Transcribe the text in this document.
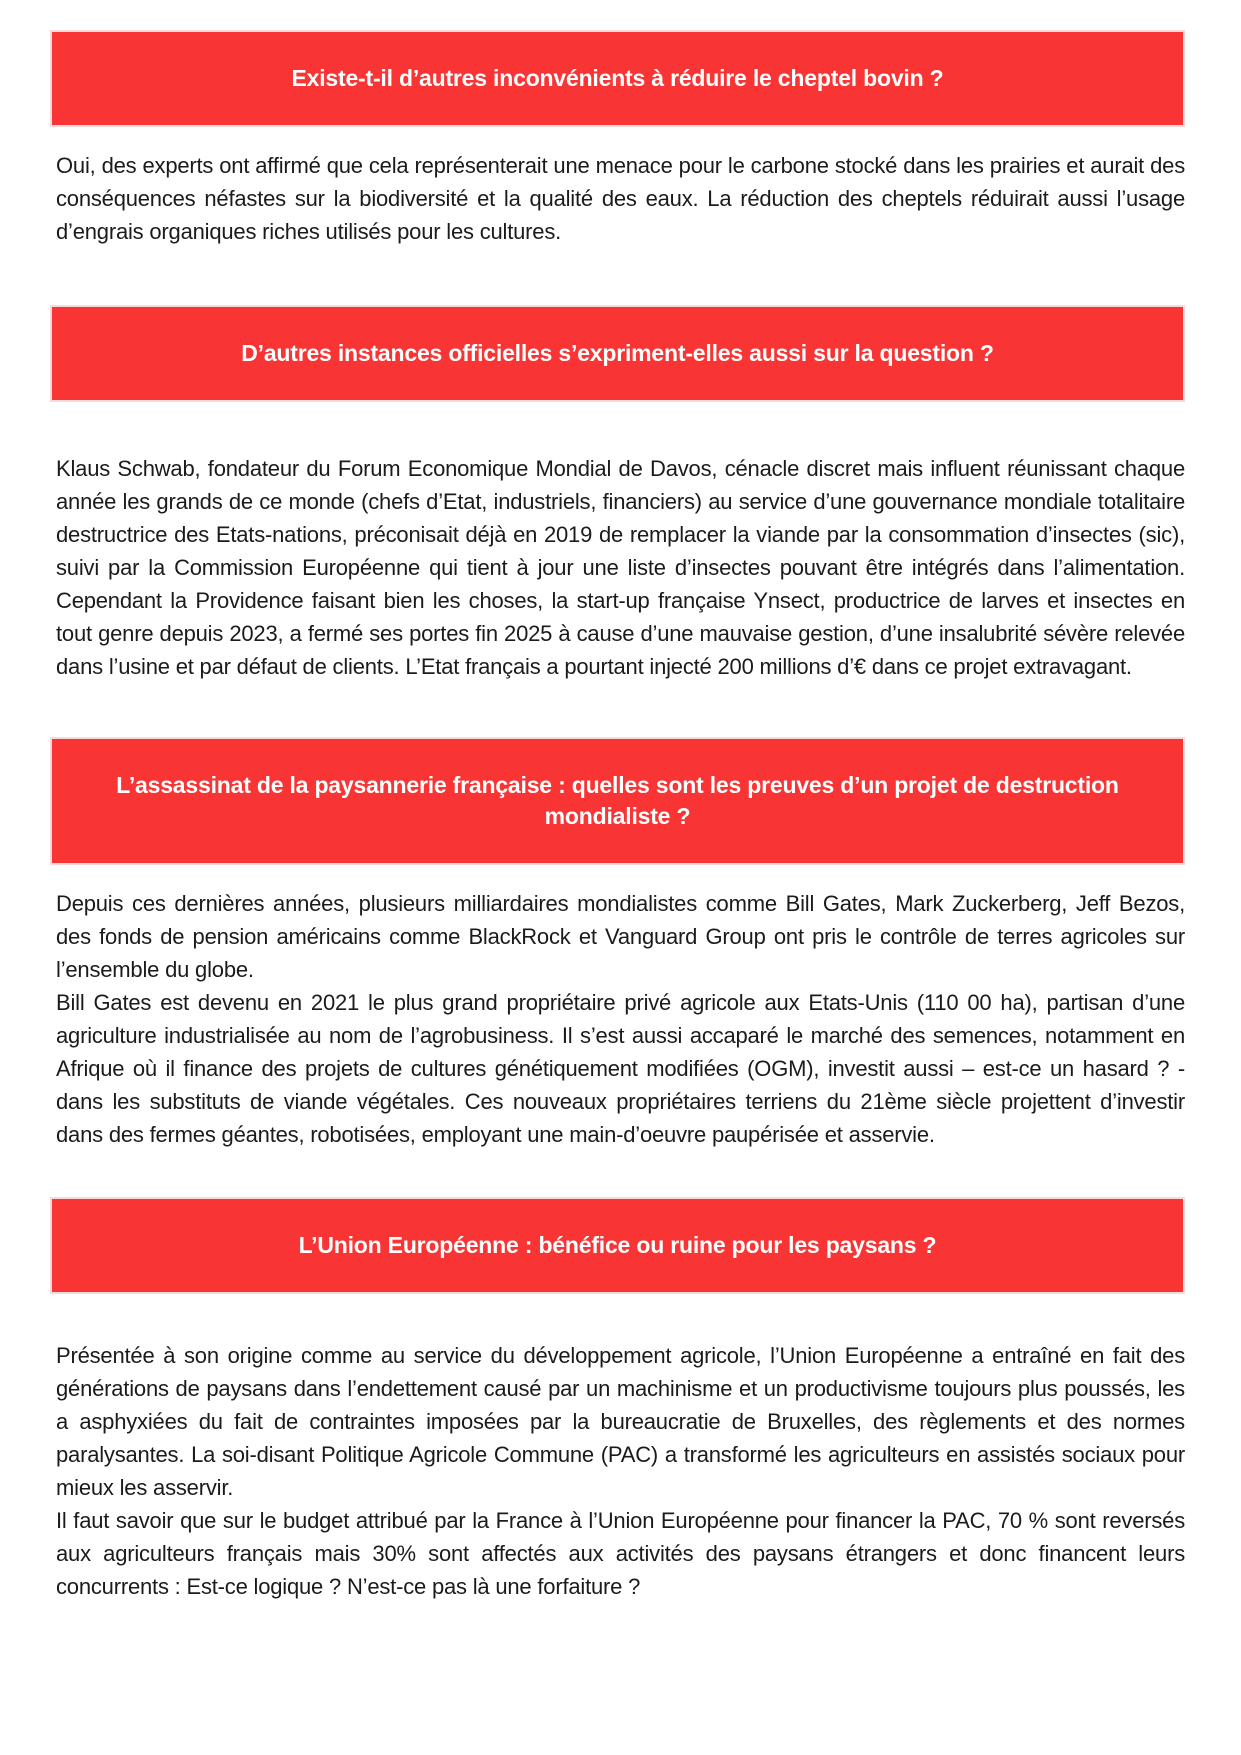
Existe-t-il d’autres inconvénients à réduire le cheptel bovin ?

Oui, des experts ont affirmé que cela représenterait une menace pour le carbone stocké dans les prairies et aurait des conséquences néfastes sur la biodiversité et la qualité des eaux. La réduction des cheptels réduirait aussi l’usage d’engrais organiques riches utilisés pour les cultures.

D’autres instances officielles s’expriment-elles aussi sur la question ?

Klaus Schwab, fondateur du Forum Economique Mondial de Davos, cénacle discret mais influent réunissant chaque année les grands de ce monde (chefs d’Etat, industriels, financiers) au service d’une gouvernance mondiale totalitaire destructrice des Etats-nations, préconisait déjà en 2019 de remplacer la viande par la consommation d’insectes (sic), suivi par la Commission Européenne qui tient à jour une liste d’insectes pouvant être intégrés dans l’alimentation. Cependant la Providence faisant bien les choses, la start-up française Ynsect, productrice de larves et insectes en tout genre depuis 2023, a fermé ses portes fin 2025 à cause d’une mauvaise gestion, d’une insalubrité sévère relevée dans l’usine et par défaut de clients. L’Etat français a pourtant injecté 200 millions d’€ dans ce projet extravagant.

L’assassinat de la paysannerie française : quelles sont les preuves d’un projet de destruction mondialiste ?

Depuis ces dernières années, plusieurs milliardaires mondialistes comme Bill Gates, Mark Zuckerberg, Jeff Bezos, des fonds de pension américains comme BlackRock et Vanguard Group ont pris le contrôle de terres agricoles sur l’ensemble du globe.

Bill Gates est devenu en 2021 le plus grand propriétaire privé agricole aux Etats-Unis (110 00 ha), partisan d’une agriculture industrialisée au nom de l’agrobusiness. Il s’est aussi accaparé le marché des semences, notamment en Afrique où il finance des projets de cultures génétiquement modifiées (OGM), investit aussi – est-ce un hasard ? - dans les substituts de viande végétales. Ces nouveaux propriétaires terriens du 21ème siècle projettent d’investir dans des fermes géantes, robotisées, employant une main-d’oeuvre paupérisée et asservie.

L’Union Européenne : bénéfice ou ruine pour les paysans ?

Présentée à son origine comme au service du développement agricole, l’Union Européenne a entraîné en fait des générations de paysans dans l’endettement causé par un machinisme et un productivisme toujours plus poussés, les a asphyxiées du fait de contraintes imposées par la bureaucratie de Bruxelles, des règlements et des normes paralysantes. La soi-disant Politique Agricole Commune (PAC) a transformé les agriculteurs en assistés sociaux pour mieux les asservir.

Il faut savoir que sur le budget attribué par la France à l’Union Européenne pour financer la PAC, 70 % sont reversés aux agriculteurs français mais 30% sont affectés aux activités des paysans étrangers et donc financent leurs concurrents : Est-ce logique ? N’est-ce pas là une forfaiture ?
